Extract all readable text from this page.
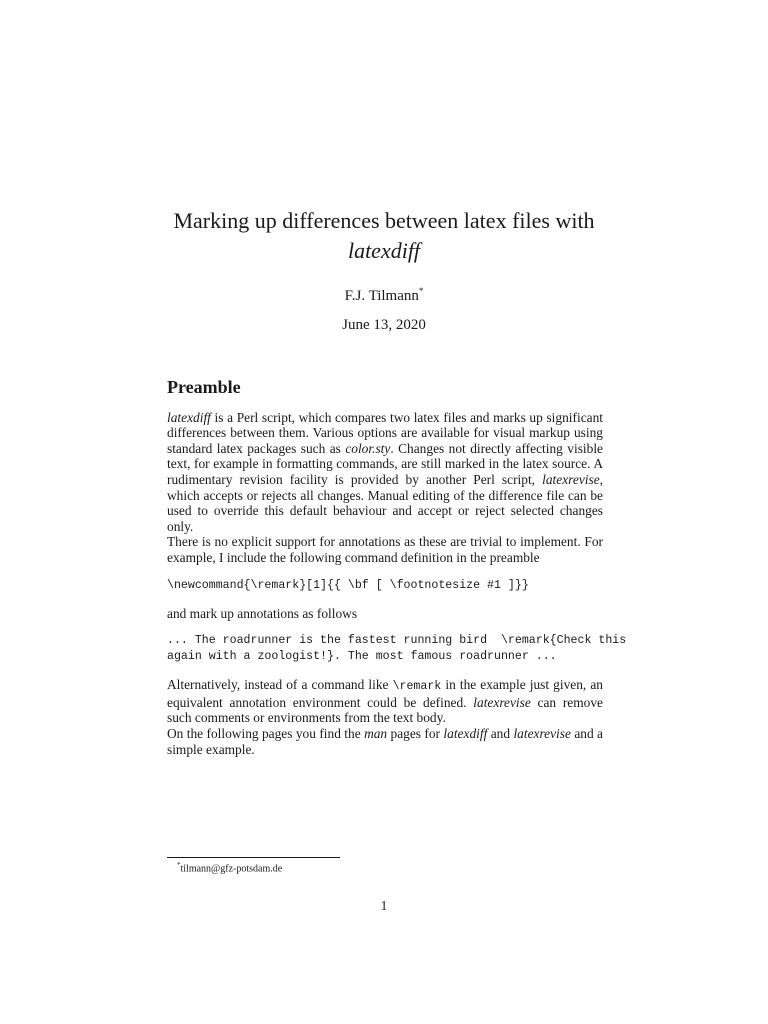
Marking up differences between latex files with
latexdiff
F.J. Tilmann*
June 13, 2020
Preamble

latexdiff is a Perl script, which compares two latex files and marks up significant differences between them. Various options are available for visual markup using standard latex packages such as color.sty. Changes not directly affecting visible text, for example in formatting commands, are still marked in the latex source. A rudimentary revision facility is provided by another Perl script, latexrevise, which accepts or rejects all changes. Manual editing of the difference file can be used to override this default behaviour and accept or reject selected changes only.

There is no explicit support for annotations as these are trivial to implement. For example, I include the following command definition in the preamble

\newcommand{\remark}[1]{{ \bf [ \footnotesize #1 ]}}

and mark up annotations as follows

... The roadrunner is the fastest running bird  \remark{Check this
again with a zoologist!}. The most famous roadrunner ...

Alternatively, instead of a command like \remark in the example just given, an equivalent annotation environment could be defined. latexrevise can remove such comments or environments from the text body.

On the following pages you find the man pages for latexdiff and latexrevise and a simple example.

*tilmann@gfz-potsdam.de
1
